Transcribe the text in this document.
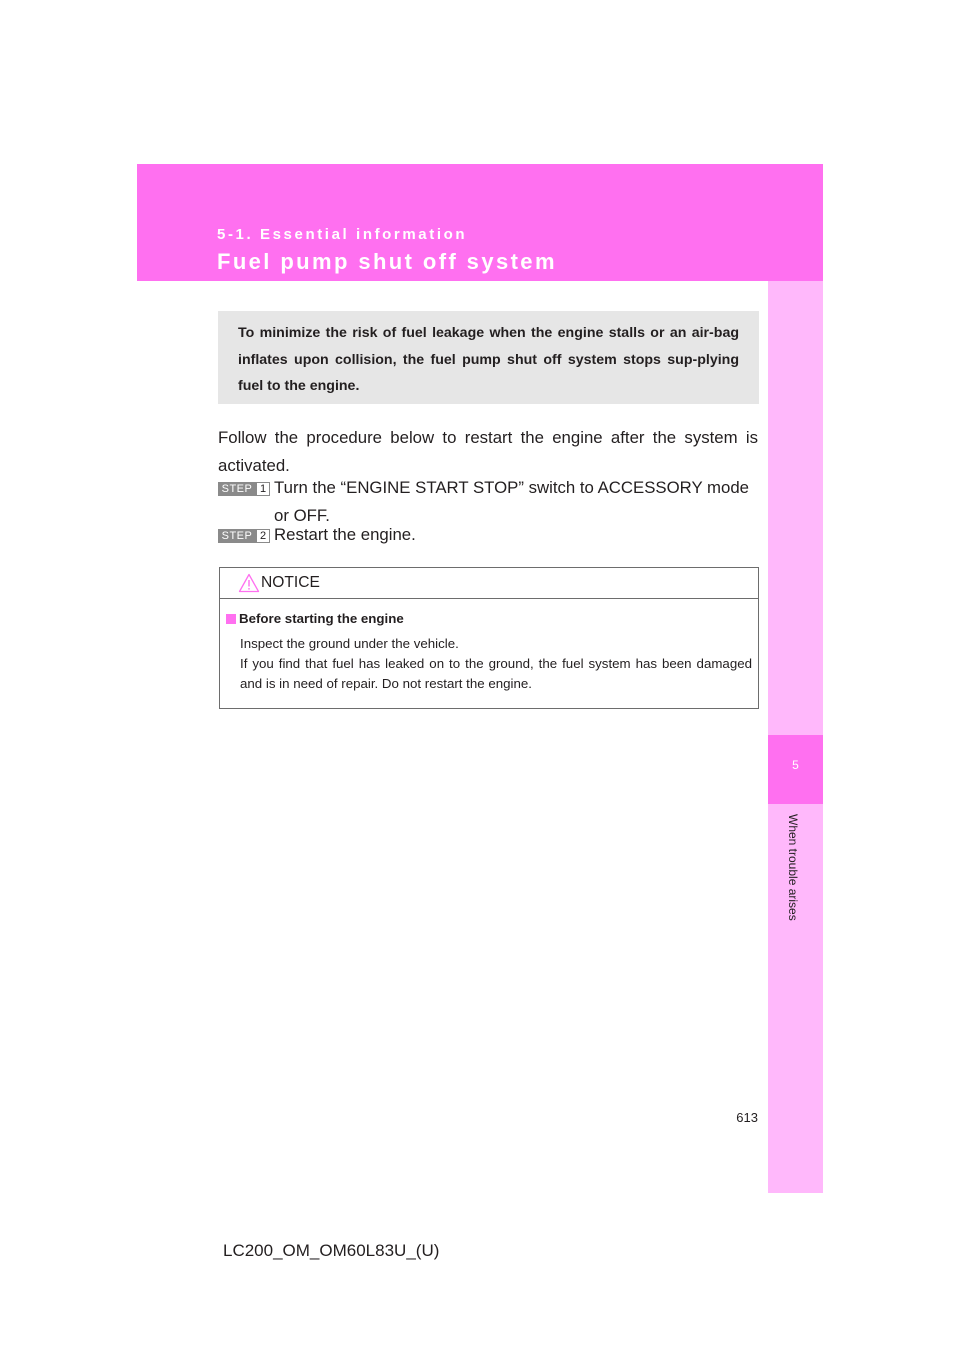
5-1. Essential information
Fuel pump shut off system
5
When trouble arises

To minimize the risk of fuel leakage when the engine stalls or an air-bag inflates upon collision, the fuel pump shut off system stops sup-plying fuel to the engine.

Follow the procedure below to restart the engine after the system is activated.

STEP 1 Turn the “ENGINE START STOP” switch to ACCESSORY mode or OFF.

STEP 2 Restart the engine.

NOTICE
Before starting the engine

Inspect the ground under the vehicle.

If you find that fuel has leaked on to the ground, the fuel system has been damaged and is in need of repair. Do not restart the engine.

613
LC200_OM_OM60L83U_(U)
